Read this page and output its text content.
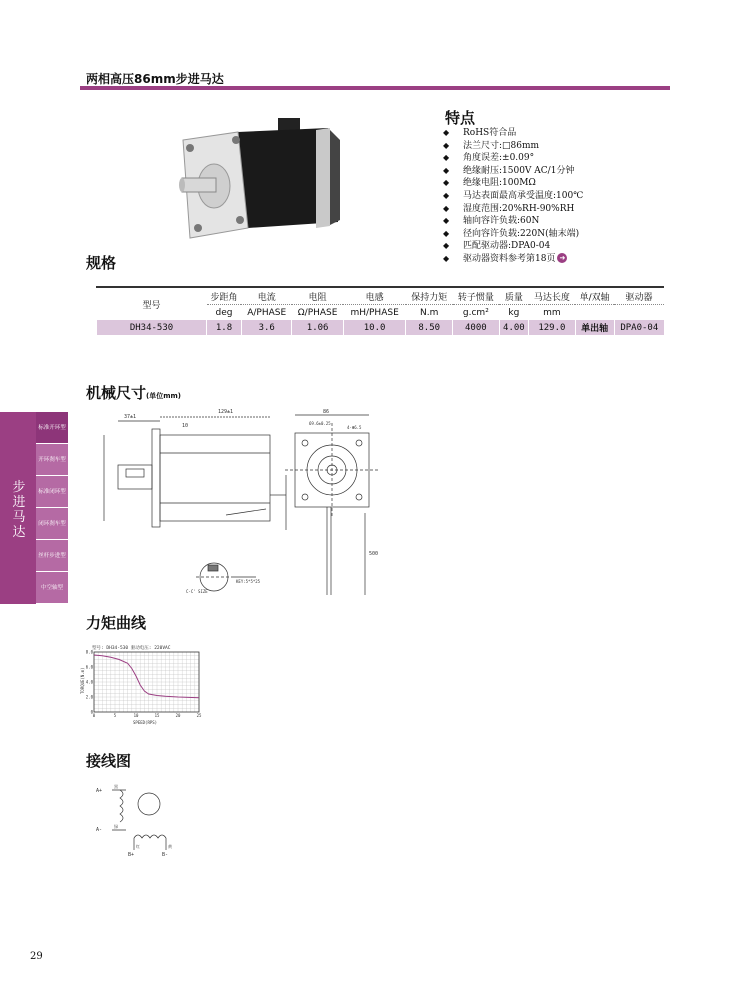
两相高压86mm步进马达
特点
◆ RoHS符合品
◆ 法兰尺寸:□86mm
◆ 角度误差:±0.09°
◆ 绝缘耐压:1500V AC/1分钟
◆ 绝缘电阻:100MΩ
◆ 马达表面最高承受温度:100℃
◆ 湿度范围:20%RH-90%RH
◆ 轴向容许负载:60N
◆ 径向容许负载:220N(轴末端)
◆ 匹配驱动器:DPA0-04
◆ 驱动器资料参考第18页 ➜
规格
型号	步距角	电流	电阻	电感	保持力矩	转子惯量	质量	马达长度	单/双轴	驱动器
	deg	A/PHASE	Ω/PHASE	mH/PHASE	N.m	g.cm²	kg	mm		
DH34-530	1.8	3.6	1.06	10.0	8.50	4000	4.00	129.0	单出轴	DPA0-04
步进马达
标准开环型
开环刹车型
标准闭环型
闭环刹车型
丝杆步进型
中空轴型
机械尺寸(单位mm)
129±1
37±1
10
C-C' SIZE
KEY:5*5*25
86
69.6±0.25
4-Φ6.5
500
力矩曲线
型号: DH34-530 驱动电压: 220VAC
8.0
6.0
4.0
2.0
0
0	5	10	15	20	25
TORQUE(N.m)
SPEED(RPS)
接线图
A+
A-
B+	B-
黑
绿
红	黄
29
